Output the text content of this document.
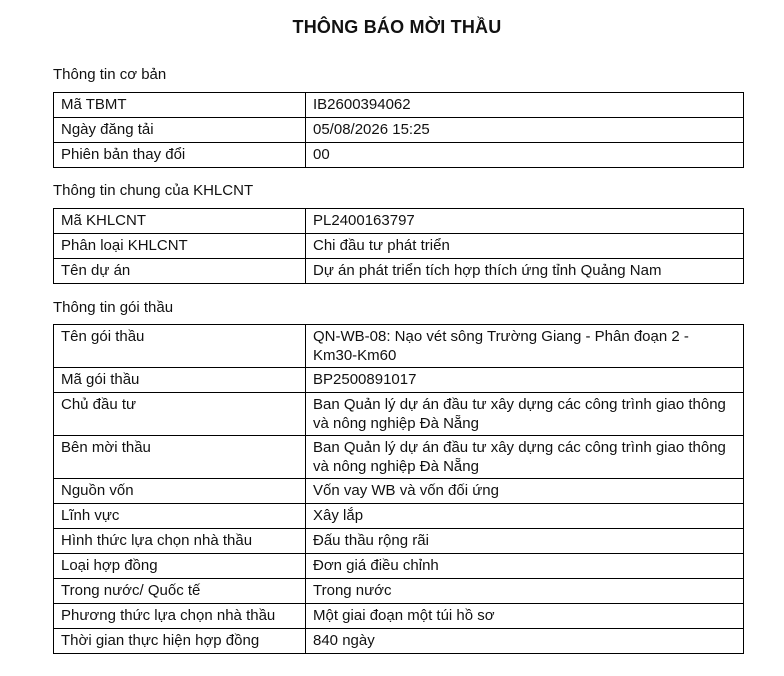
THÔNG BÁO MỜI THẦU
Thông tin cơ bản
Mã TBMT	IB2600394062
Ngày đăng tải	05/08/2026 15:25
Phiên bản thay đổi	00
Thông tin chung của KHLCNT
Mã KHLCNT	PL2400163797
Phân loại KHLCNT	Chi đầu tư phát triển
Tên dự án	Dự án phát triển tích hợp thích ứng tỉnh Quảng Nam
Thông tin gói thầu
Tên gói thầu	QN-WB-08: Nạo vét sông Trường Giang - Phân đoạn 2 - Km30-Km60
Mã gói thầu	BP2500891017
Chủ đầu tư	Ban Quản lý dự án đầu tư xây dựng các công trình giao thông và nông nghiệp Đà Nẵng
Bên mời thầu	Ban Quản lý dự án đầu tư xây dựng các công trình giao thông và nông nghiệp Đà Nẵng
Nguồn vốn	Vốn vay WB và vốn đối ứng
Lĩnh vực	Xây lắp
Hình thức lựa chọn nhà thầu	Đấu thầu rộng rãi
Loại hợp đồng	Đơn giá điều chỉnh
Trong nước/ Quốc tế	Trong nước
Phương thức lựa chọn nhà thầu	Một giai đoạn một túi hồ sơ
Thời gian thực hiện hợp đồng	840 ngày
